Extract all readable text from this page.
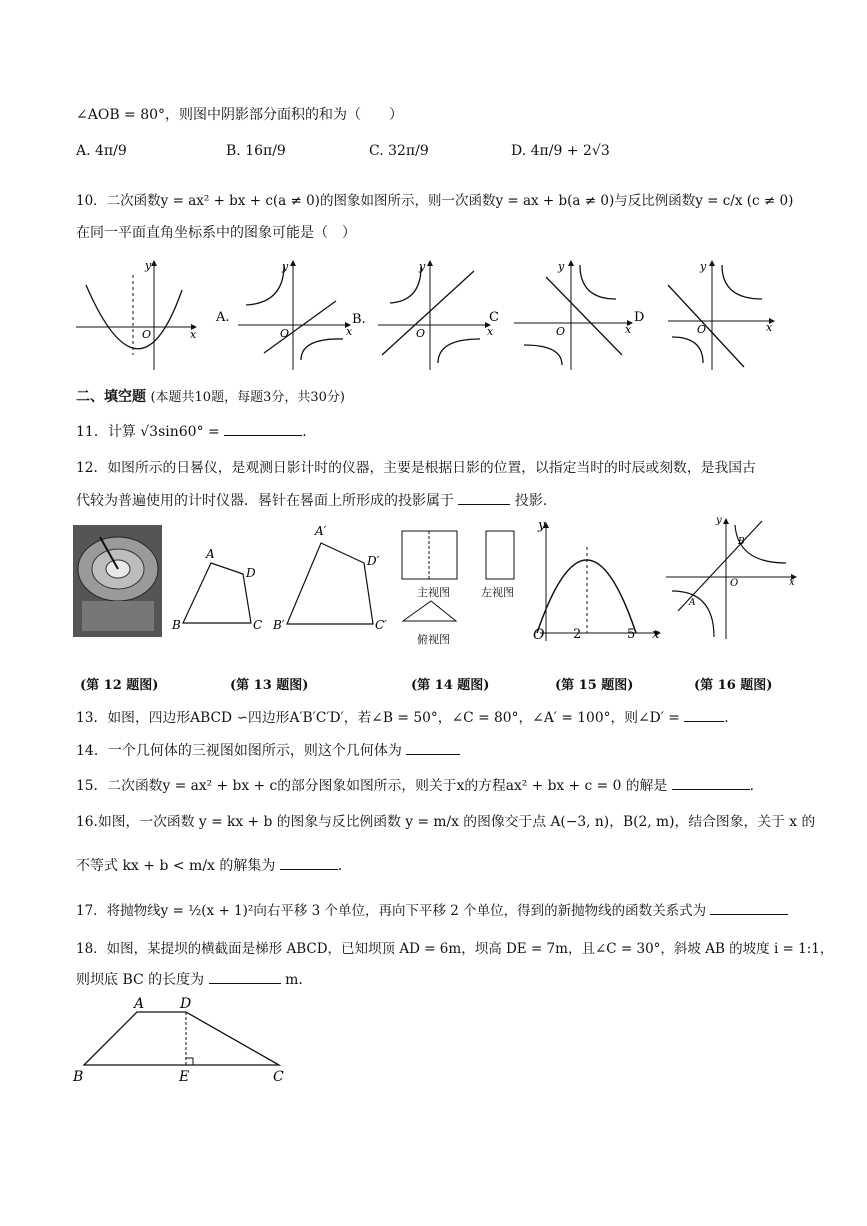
∠AOB = 80°，则图中阴影部分面积的和为（　　）
A. 4π/9	B. 16π/9	C. 32π/9	D. 4π/9 + 2√3
10．二次函数y = ax² + bx + c(a ≠ 0)的图象如图所示，则一次函数y = ax + b(a ≠ 0)与反比例函数y = c/x (c ≠ 0)
在同一平面直角坐标系中的图象可能是（　）
y
x
O
A.
y
x
O
B.
y
x
O
C
y
x
O
D
y
x
O
二、填空题 (本题共10题，每题3分，共30分)
11．计算 √3sin60° =	.
12．如图所示的日晷仪，是观测日影计时的仪器，主要是根据日影的位置，以指定当时的时辰或刻数，是我国古
代较为普遍使用的计时仪器．晷针在晷面上所形成的投影属于	投影.
A
D
B	C
A′
D′
B′	C′
y
O 2	5 x
y
B
O
A
x
主视图	左视图
俯视图
(第 12 题图)	(第 13 题图)	(第 14 题图)	(第 15 题图)	(第 16 题图)
13．如图，四边形ABCD ∽四边形A′B′C′D′，若∠B = 50°，∠C = 80°，∠A′ = 100°，则∠D′ =	.
14．一个几何体的三视图如图所示，则这个几何体为
15．二次函数y = ax² + bx + c的部分图象如图所示，则关于x的方程ax² + bx + c = 0 的解是	.
16.如图，一次函数 y = kx + b 的图象与反比例函数 y = m/x 的图像交于点 A(−3, n)，B(2, m)，结合图象，关于 x 的
不等式 kx + b < m/x 的解集为	.
17．将抛物线y = ½(x + 1)²向右平移 3 个单位，再向下平移 2 个单位，得到的新抛物线的函数关系式为
18．如图，某提坝的横截面是梯形 ABCD，已知坝顶 AD = 6m，坝高 DE = 7m，且∠C = 30°，斜坡 AB 的坡度 i = 1:1，
则坝底 BC 的长度为	m．
A	D
B	E	C
